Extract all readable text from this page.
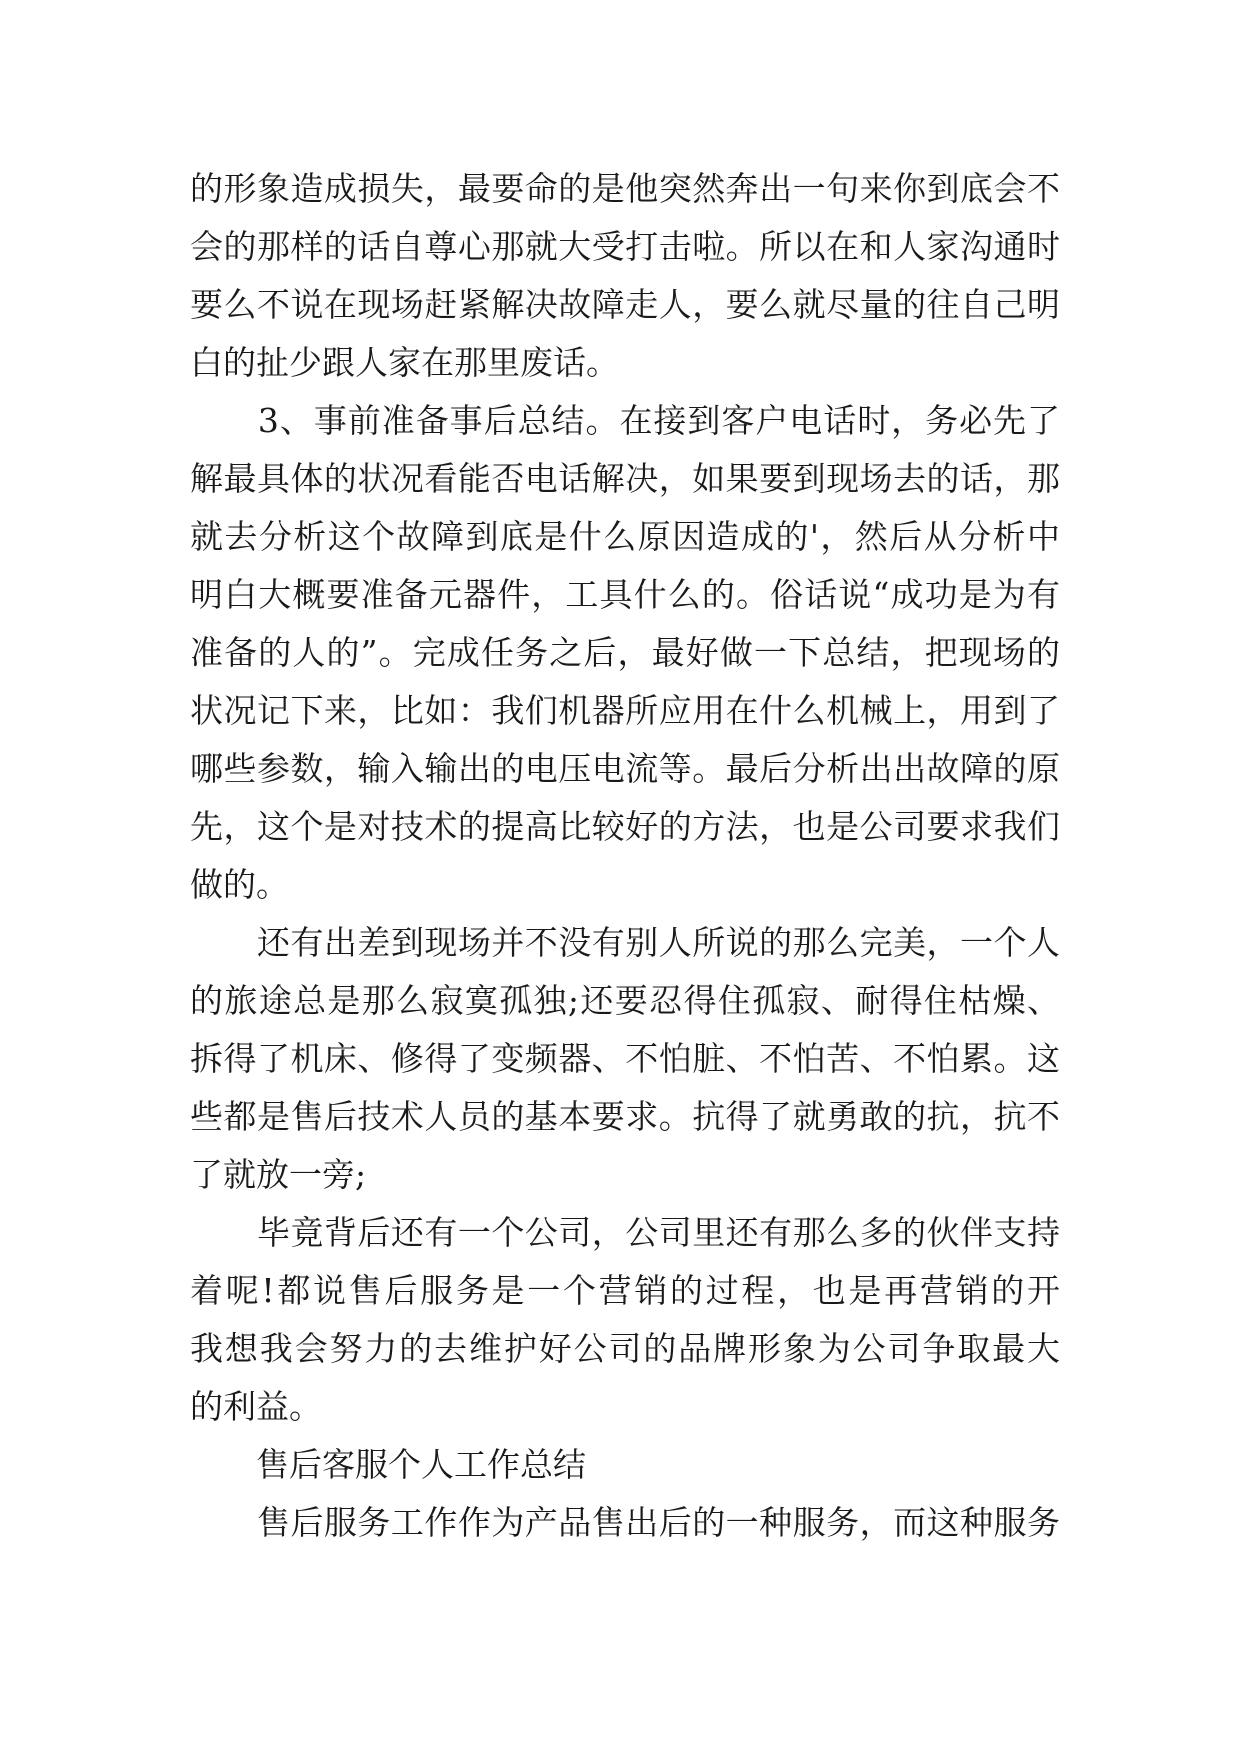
的形象造成损失，最要命的是他突然奔出一句来你到底会不
会的那样的话自尊心那就大受打击啦。所以在和人家沟通时
要么不说在现场赶紧解决故障走人，要么就尽量的往自己明
白的扯少跟人家在那里废话。
　　3、事前准备事后总结。在接到客户电话时，务必先了
解最具体的状况看能否电话解决，如果要到现场去的话，那
就去分析这个故障到底是什么原因造成的'，然后从分析中
明白大概要准备元器件，工具什么的。俗话说“成功是为有
准备的人的”。完成任务之后，最好做一下总结，把现场的
状况记下来，比如：我们机器所应用在什么机械上，用到了
哪些参数，输入输出的电压电流等。最后分析出出故障的原
先，这个是对技术的提高比较好的方法，也是公司要求我们
做的。
　　还有出差到现场并不没有别人所说的那么完美，一个人
的旅途总是那么寂寞孤独;还要忍得住孤寂、耐得住枯燥、
拆得了机床、修得了变频器、不怕脏、不怕苦、不怕累。这
些都是售后技术人员的基本要求。抗得了就勇敢的抗，抗不
了就放一旁;
　　毕竟背后还有一个公司，公司里还有那么多的伙伴支持
着呢!都说售后服务是一个营销的过程，也是再营销的开
我想我会努力的去维护好公司的品牌形象为公司争取最大
的利益。
　　售后客服个人工作总结
　　售后服务工作作为产品售出后的一种服务，而这种服务
